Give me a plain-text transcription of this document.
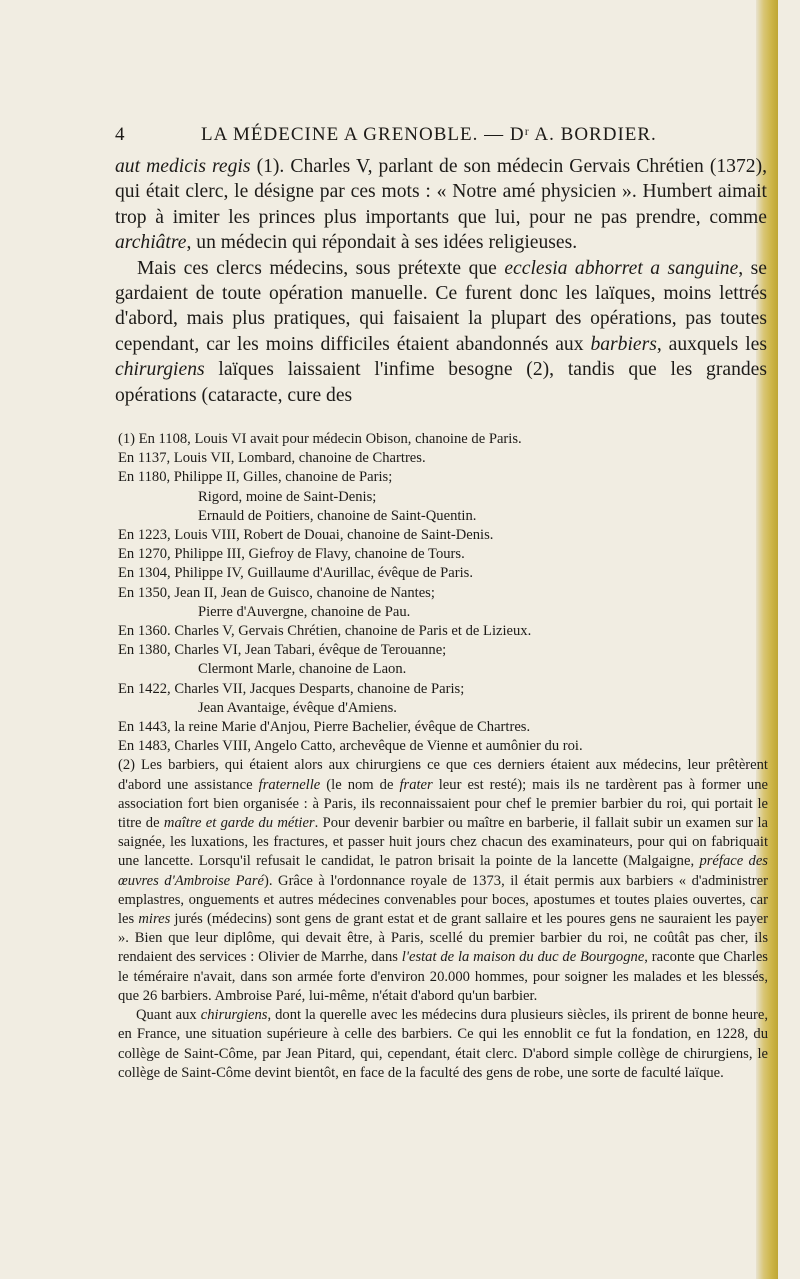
4	LA MÉDECINE A GRENOBLE. — Dʳ A. BORDIER.

aut medicis regis (1). Charles V, parlant de son médecin Gervais Chrétien (1372), qui était clerc, le désigne par ces mots : « Notre amé physicien ». Humbert aimait trop à imiter les princes plus importants que lui, pour ne pas prendre, comme archiâtre, un médecin qui répondait à ses idées religieuses.

Mais ces clercs médecins, sous prétexte que ecclesia abhorret a sanguine, se gardaient de toute opération manuelle. Ce furent donc les laïques, moins lettrés d'abord, mais plus pratiques, qui faisaient la plupart des opérations, pas toutes cependant, car les moins difficiles étaient abandonnés aux barbiers, auxquels les chirurgiens laïques laissaient l'infime besogne (2), tandis que les grandes opérations (cataracte, cure des

(1) En 1108, Louis VI avait pour médecin Obison, chanoine de Paris.
En 1137, Louis VII, Lombard, chanoine de Chartres.
En 1180, Philippe II, Gilles, chanoine de Paris;
Rigord, moine de Saint-Denis;
Ernauld de Poitiers, chanoine de Saint-Quentin.
En 1223, Louis VIII, Robert de Douai, chanoine de Saint-Denis.
En 1270, Philippe III, Giefroy de Flavy, chanoine de Tours.
En 1304, Philippe IV, Guillaume d'Aurillac, évêque de Paris.
En 1350, Jean II, Jean de Guisco, chanoine de Nantes;
Pierre d'Auvergne, chanoine de Pau.
En 1360. Charles V, Gervais Chrétien, chanoine de Paris et de Lizieux.
En 1380, Charles VI, Jean Tabari, évêque de Terouanne;
Clermont Marle, chanoine de Laon.
En 1422, Charles VII, Jacques Desparts, chanoine de Paris;
Jean Avantaige, évêque d'Amiens.
En 1443, la reine Marie d'Anjou, Pierre Bachelier, évêque de Chartres.
En 1483, Charles VIII, Angelo Catto, archevêque de Vienne et aumônier du roi.

(2) Les barbiers, qui étaient alors aux chirurgiens ce que ces derniers étaient aux médecins, leur prêtèrent d'abord une assistance fraternelle (le nom de frater leur est resté); mais ils ne tardèrent pas à former une association fort bien organisée : à Paris, ils reconnaissaient pour chef le premier barbier du roi, qui portait le titre de maître et garde du métier. Pour devenir barbier ou maître en barberie, il fallait subir un examen sur la saignée, les luxations, les fractures, et passer huit jours chez chacun des examinateurs, pour qui on fabriquait une lancette. Lorsqu'il refusait le candidat, le patron brisait la pointe de la lancette (Malgaigne, préface des œuvres d'Ambroise Paré). Grâce à l'ordonnance royale de 1373, il était permis aux barbiers « d'administrer emplastres, onguements et autres médecines convenables pour boces, apostumes et toutes plaies ouvertes, car les mires jurés (médecins) sont gens de grant estat et de grant sallaire et les poures gens ne sauraient les payer ». Bien que leur diplôme, qui devait être, à Paris, scellé du premier barbier du roi, ne coûtât pas cher, ils rendaient des services : Olivier de Marrhe, dans l'estat de la maison du duc de Bourgogne, raconte que Charles le téméraire n'avait, dans son armée forte d'environ 20.000 hommes, pour soigner les malades et les blessés, que 26 barbiers. Ambroise Paré, lui-même, n'était d'abord qu'un barbier.

Quant aux chirurgiens, dont la querelle avec les médecins dura plusieurs siècles, ils prirent de bonne heure, en France, une situation supérieure à celle des barbiers. Ce qui les ennoblit ce fut la fondation, en 1228, du collège de Saint-Côme, par Jean Pitard, qui, cependant, était clerc. D'abord simple collège de chirurgiens, le collège de Saint-Côme devint bientôt, en face de la faculté des gens de robe, une sorte de faculté laïque.
